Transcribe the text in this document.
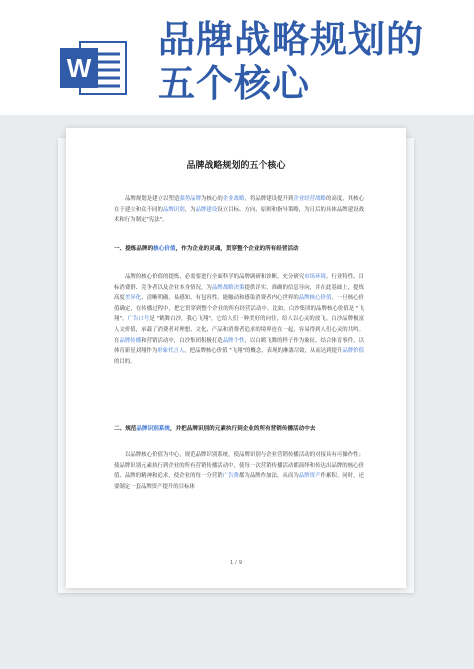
W
品牌战略规划的五个核心
品牌战略规划的五个核心

品牌规划是建立以塑造强势品牌为核心的企业战略，将品牌建设提升到企业经营战略的高度，其核心在于建立和众不同的品牌识别，为品牌建设设立目标、方向、原则和指导策略，为日后的具体品牌建设战术和行为制定"宪法"。

一、提炼品牌的核心价值，作为企业的灵魂，贯穿整个企业的所有经营活动

品牌的核心价值的提炼，必需要进行全面科学的品牌调研和诊断，充分研究市场环境、行业特性、目标消费群、竞争者以及企业本身情况，为品牌战略决策提供详实、准确的信息导向，并在此基础上，提炼高度差异化、清晰明确、易感知、有包容性、能触动和感染消费者内心世界的品牌核心价值，一旦核心价值确定，在传播过程中，把它贯穿到整个企业的所有经营活动中。比如，白沙集团的品牌核心价值是 "飞翔"，广告口号是 "鹤舞白沙，我心飞翔"，它给人们一种美好的向往，给人以心灵的放飞。白沙品牌极富人文价值，承载了消费者对理想、文化、产品和消费者追求的境界连在一起，容易得到人们心灵的共鸣。在品牌传播和营销活动中，白沙集团积极打造品牌个性，以白鹤飞舞的样子作为象征，结合体育事件，以体育新星刘翔作为形象代言人，把品牌核心价值 "飞翔"的概念，表现的淋漓尽致，从而达到提升品牌价值的目的。

二、规范品牌识别系统，并把品牌识别的元素执行到企业的所有营销传播活动中去

以品牌核心价值为中心，规范品牌识别系统，使品牌识别与企业营销传播活动的对接具有可操作性；使品牌识别元素执行到企业的所有营销传播活动中，使每一次营销传播活动都演绎和传达出品牌的核心价值、品牌的精神和追求，使企业的每一分营销广告费都为品牌作加法，从而为品牌资产作累积。同时，还要制定一套品牌资产提升的目标体

1 / 9
